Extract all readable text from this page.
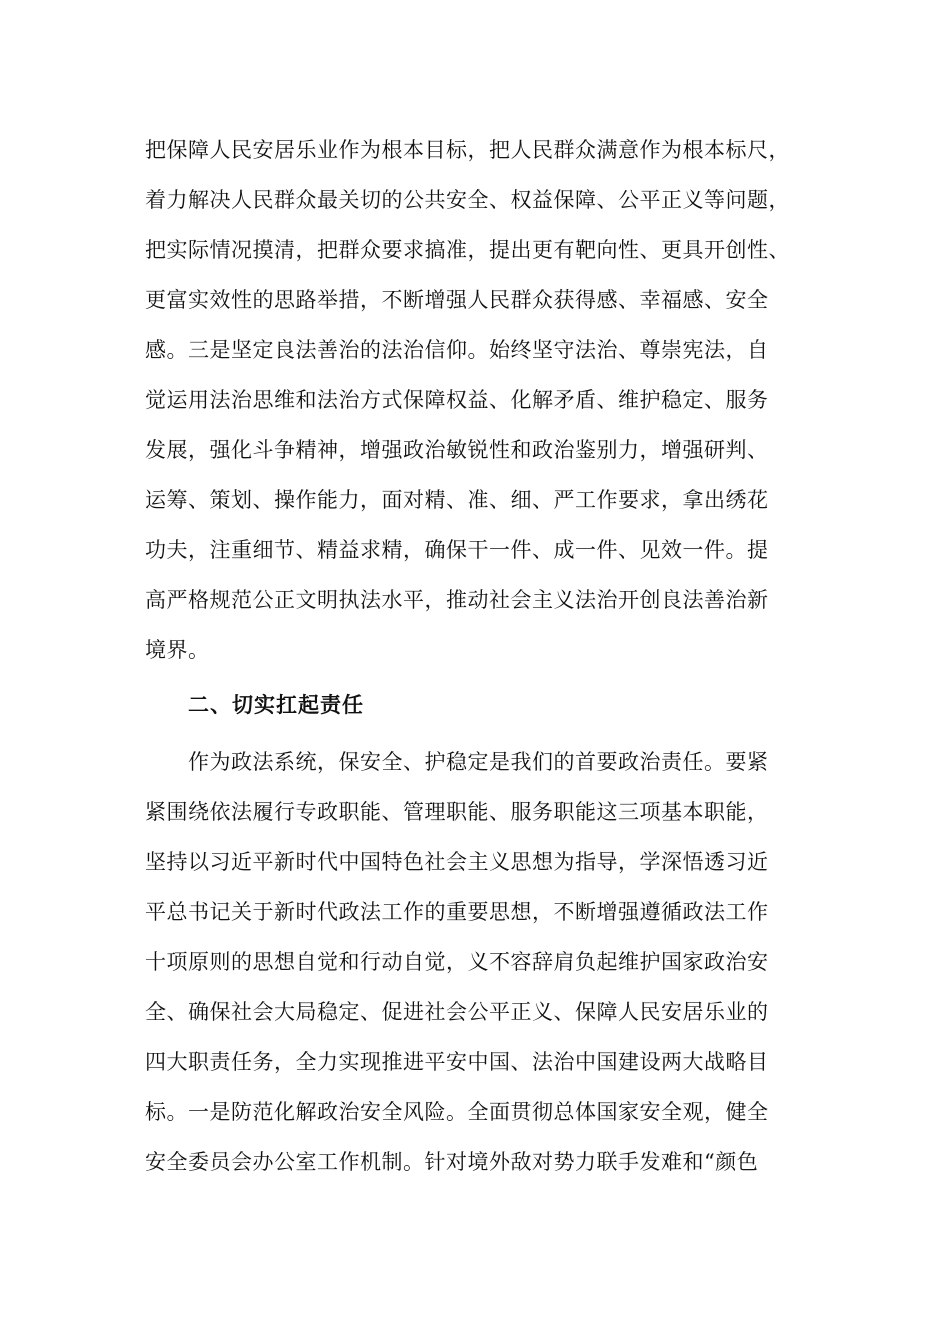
把保障人民安居乐业作为根本目标，把人民群众满意作为根本标尺，
着力解决人民群众最关切的公共安全、权益保障、公平正义等问题，
把实际情况摸清，把群众要求搞准，提出更有靶向性、更具开创性、
更富实效性的思路举措，不断增强人民群众获得感、幸福感、安全
感。三是坚定良法善治的法治信仰。始终坚守法治、尊崇宪法，自
觉运用法治思维和法治方式保障权益、化解矛盾、维护稳定、服务
发展，强化斗争精神，增强政治敏锐性和政治鉴别力，增强研判、
运筹、策划、操作能力，面对精、准、细、严工作要求，拿出绣花
功夫，注重细节、精益求精，确保干一件、成一件、见效一件。提
高严格规范公正文明执法水平，推动社会主义法治开创良法善治新
境界。
二、切实扛起责任
作为政法系统，保安全、护稳定是我们的首要政治责任。要紧
紧围绕依法履行专政职能、管理职能、服务职能这三项基本职能，
坚持以习近平新时代中国特色社会主义思想为指导，学深悟透习近
平总书记关于新时代政法工作的重要思想，不断增强遵循政法工作
十项原则的思想自觉和行动自觉，义不容辞肩负起维护国家政治安
全、确保社会大局稳定、促进社会公平正义、保障人民安居乐业的
四大职责任务，全力实现推进平安中国、法治中国建设两大战略目
标。一是防范化解政治安全风险。全面贯彻总体国家安全观，健全
安全委员会办公室工作机制。针对境外敌对势力联手发难和“颜色
